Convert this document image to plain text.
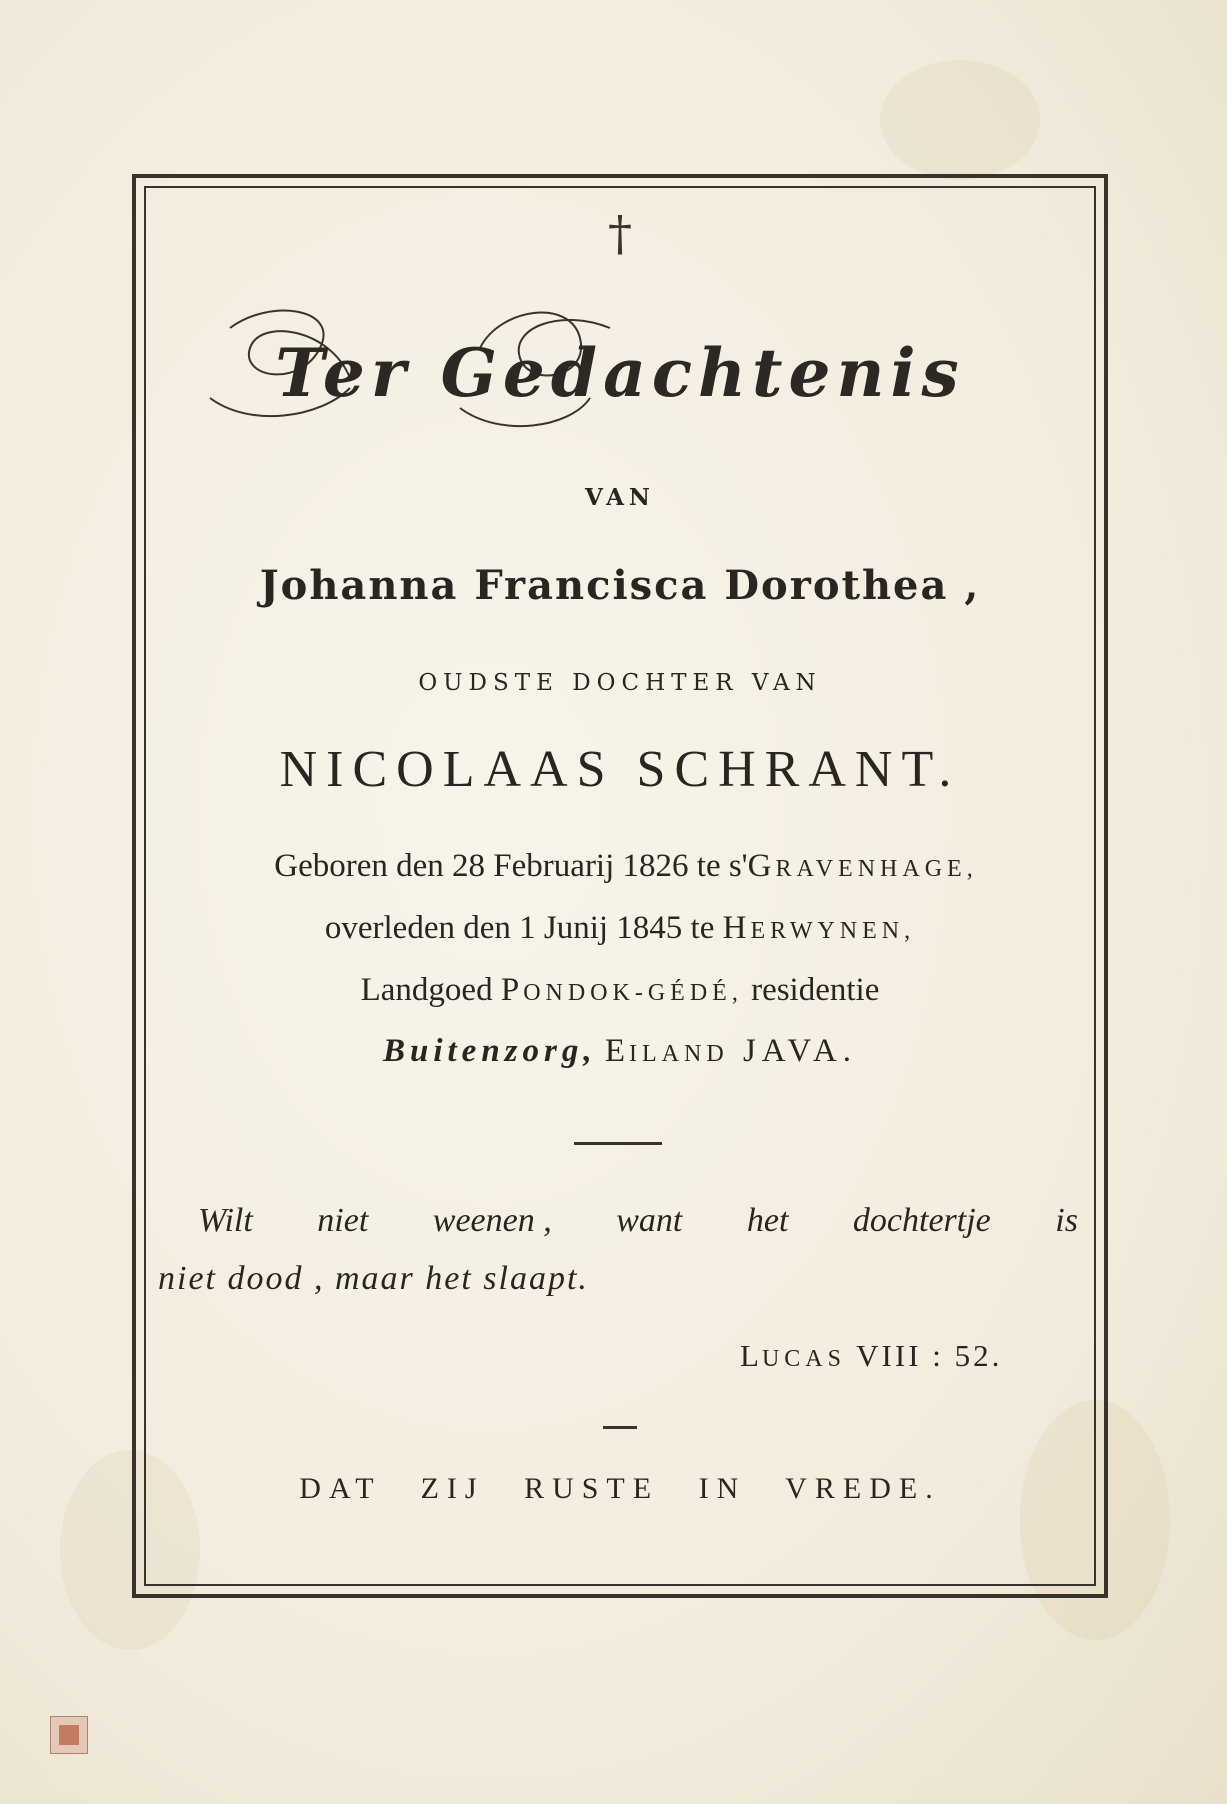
†
Ter Gedachtenis
VAN
Johanna Francisca Dorothea ,
OUDSTE DOCHTER VAN
NICOLAAS SCHRANT.
Geboren den 28 Februarij 1826 te s'GRAVENHAGE,
overleden den 1 Junij 1845 te HERWYNEN,
Landgoed PONDOK-GÉDÉ, residentie
Buitenzorg, EILAND JAVA.
Wilt niet weenen , want het dochtertje is
niet dood , maar het slaapt.
LUCAS VIII : 52.
DAT ZIJ RUSTE IN VREDE.
